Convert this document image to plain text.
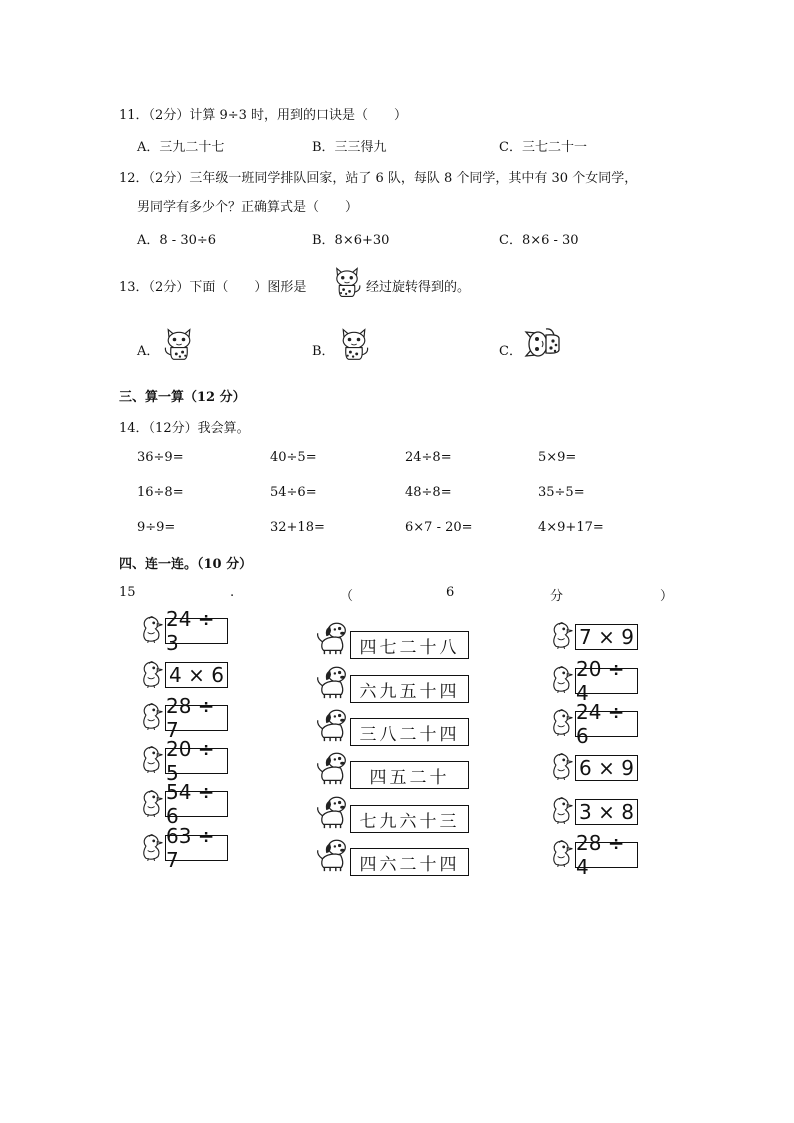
11．（2分）计算 9÷3 时，用到的口诀是（　　）
A．三九二十七	B．三三得九	C．三七二十一
12．（2分）三年级一班同学排队回家，站了 6 队，每队 8 个同学，其中有 30 个女同学，
男同学有多少个？正确算式是（　　）
A．8 - 30÷6	B．8×6+30	C．8×6 - 30
13．（2分）下面（　　）图形是	经过旋转得到的。
A．	B．	C．
三、算一算（12 分）
14．（12分）我会算。
36÷9=	40÷5=	24÷8=	5×9=
16÷8=	54÷6=	48÷8=	35÷5=
9÷9=	32+18=	6×7 - 20=	4×9+17=
四、连一连。（10 分）
15	.	（	6	分	）
24 ÷ 3
4 × 6
28 ÷ 7
20 ÷ 5
54 ÷ 6
63 ÷ 7
四七二十八
六九五十四
三八二十四
四五二十
七九六十三
四六二十四
7 × 9
20 ÷ 4
24 ÷ 6
6 × 9
3 × 8
28 ÷ 4
